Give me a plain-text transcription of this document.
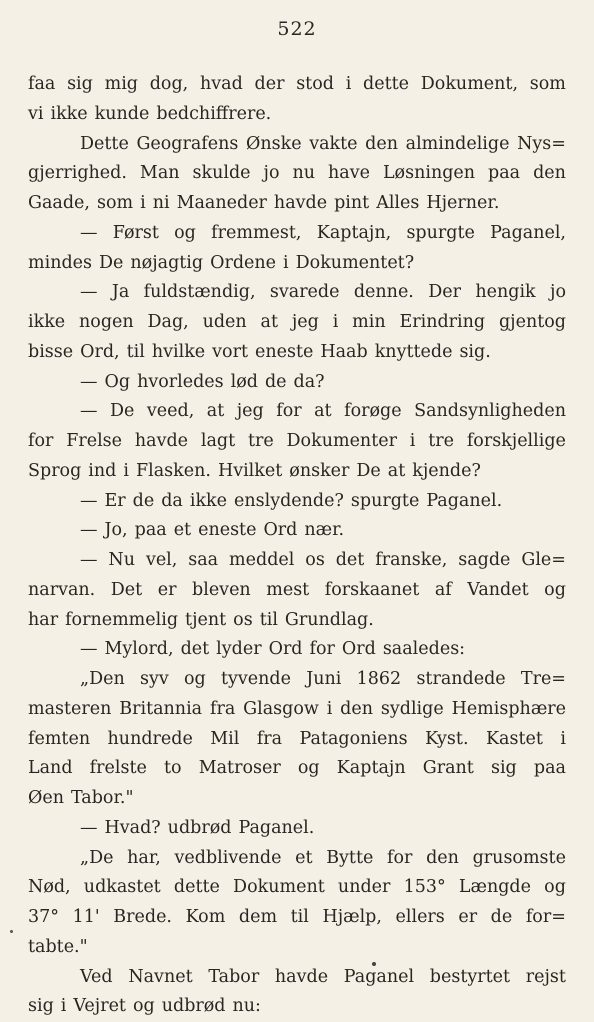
522
faa sig mig dog, hvad der stod i dette Dokument, som
vi ikke kunde bedchiffrere.
Dette Geografens Ønske vakte den almindelige Nys=
gjerrighed. Man skulde jo nu have Løsningen paa den
Gaade, som i ni Maaneder havde pint Alles Hjerner.
— Først og fremmest, Kaptajn, spurgte Paganel,
mindes De nøjagtig Ordene i Dokumentet?
— Ja fuldstændig, svarede denne. Der hengik jo
ikke nogen Dag, uden at jeg i min Erindring gjentog
bisse Ord, til hvilke vort eneste Haab knyttede sig.
— Og hvorledes lød de da?
— De veed, at jeg for at forøge Sandsynligheden
for Frelse havde lagt tre Dokumenter i tre forskjellige
Sprog ind i Flasken. Hvilket ønsker De at kjende?
— Er de da ikke enslydende? spurgte Paganel.
— Jo, paa et eneste Ord nær.
— Nu vel, saa meddel os det franske, sagde Gle=
narvan. Det er bleven mest forskaanet af Vandet og
har fornemmelig tjent os til Grundlag.
— Mylord, det lyder Ord for Ord saaledes:
„Den syv og tyvende Juni 1862 strandede Tre=
masteren Britannia fra Glasgow i den sydlige Hemisphære
femten hundrede Mil fra Patagoniens Kyst. Kastet i
Land frelste to Matroser og Kaptajn Grant sig paa
Øen Tabor."
— Hvad? udbrød Paganel.
„De har, vedblivende et Bytte for den grusomste
Nød, udkastet dette Dokument under 153° Længde og
37° 11' Brede. Kom dem til Hjælp, ellers er de for=
tabte."
Ved Navnet Tabor havde Paganel bestyrtet rejst
sig i Vejret og udbrød nu:
